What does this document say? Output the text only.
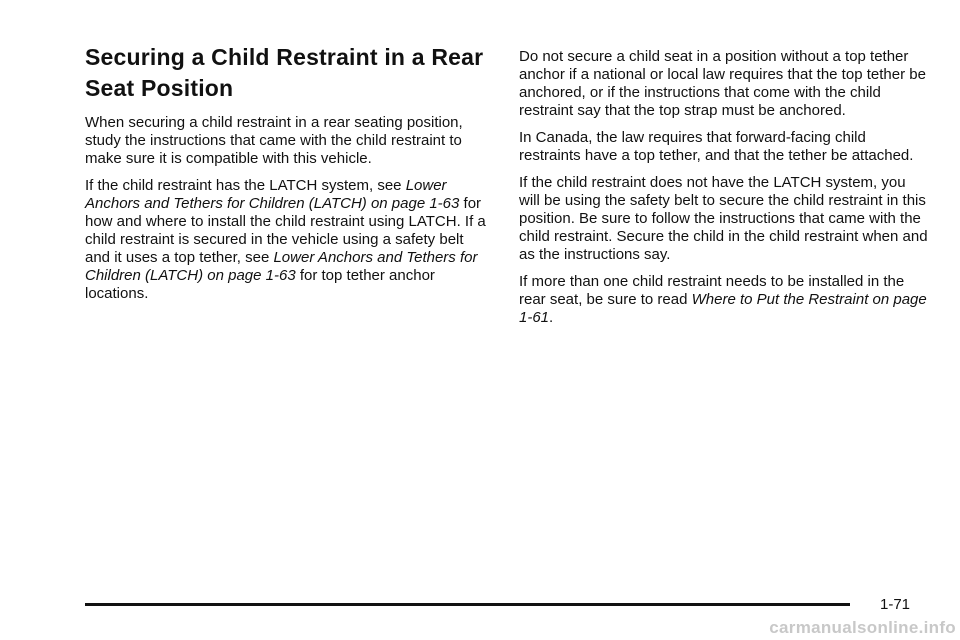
Securing a Child Restraint in a Rear Seat Position

When securing a child restraint in a rear seating position, study the instructions that came with the child restraint to make sure it is compatible with this vehicle.

If the child restraint has the LATCH system, see Lower Anchors and Tethers for Children (LATCH) on page 1-63 for how and where to install the child restraint using LATCH. If a child restraint is secured in the vehicle using a safety belt and it uses a top tether, see Lower Anchors and Tethers for Children (LATCH) on page 1-63 for top tether anchor locations.

Do not secure a child seat in a position without a top tether anchor if a national or local law requires that the top tether be anchored, or if the instructions that come with the child restraint say that the top strap must be anchored.

In Canada, the law requires that forward-facing child restraints have a top tether, and that the tether be attached.

If the child restraint does not have the LATCH system, you will be using the safety belt to secure the child restraint in this position. Be sure to follow the instructions that came with the child restraint. Secure the child in the child restraint when and as the instructions say.

If more than one child restraint needs to be installed in the rear seat, be sure to read Where to Put the Restraint on page 1-61.

1-71
carmanualsonline.info
